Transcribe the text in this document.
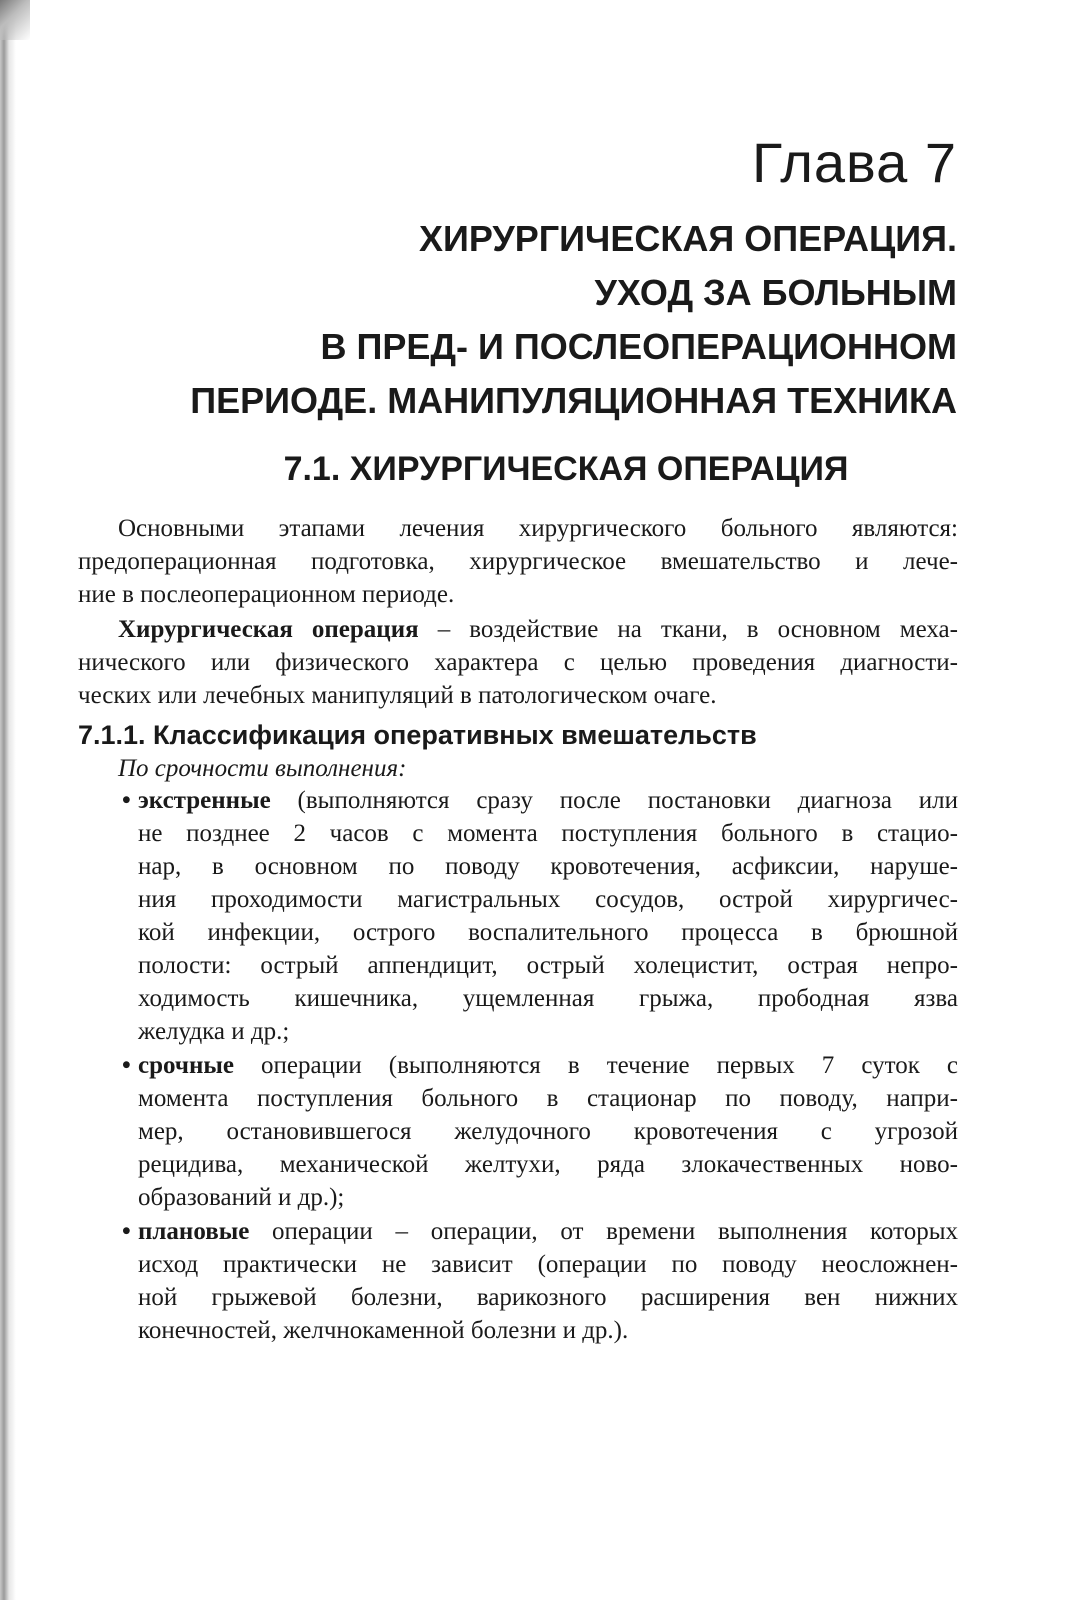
Глава 7
ХИРУРГИЧЕСКАЯ ОПЕРАЦИЯ.
УХОД ЗА БОЛЬНЫМ
В ПРЕД- И ПОСЛЕОПЕРАЦИОННОМ
ПЕРИОДЕ. МАНИПУЛЯЦИОННАЯ ТЕХНИКА
7.1. ХИРУРГИЧЕСКАЯ ОПЕРАЦИЯ
Основными этапами лечения хирургического больного являются:
предоперационная подготовка, хирургическое вмешательство и лече-
ние в послеоперационном периоде.
Хирургическая операция – воздействие на ткани, в основном меха-
нического или физического характера с целью проведения диагности-
ческих или лечебных манипуляций в патологическом очаге.
7.1.1. Классификация оперативных вмешательств
По срочности выполнения:
• экстренные (выполняются сразу после постановки диагноза или
не позднее 2 часов с момента поступления больного в стацио-
нар, в основном по поводу кровотечения, асфиксии, наруше-
ния проходимости магистральных сосудов, острой хирургичес-
кой инфекции, острого воспалительного процесса в брюшной
полости: острый аппендицит, острый холецистит, острая непро-
ходимость кишечника, ущемленная грыжа, прободная язва
желудка и др.;
• срочные операции (выполняются в течение первых 7 суток с
момента поступления больного в стационар по поводу, напри-
мер, остановившегося желудочного кровотечения с угрозой
рецидива, механической желтухи, ряда злокачественных ново-
образований и др.);
• плановые операции – операции, от времени выполнения которых
исход практически не зависит (операции по поводу неосложнен-
ной грыжевой болезни, варикозного расширения вен нижних
конечностей, желчнокаменной болезни и др.).
